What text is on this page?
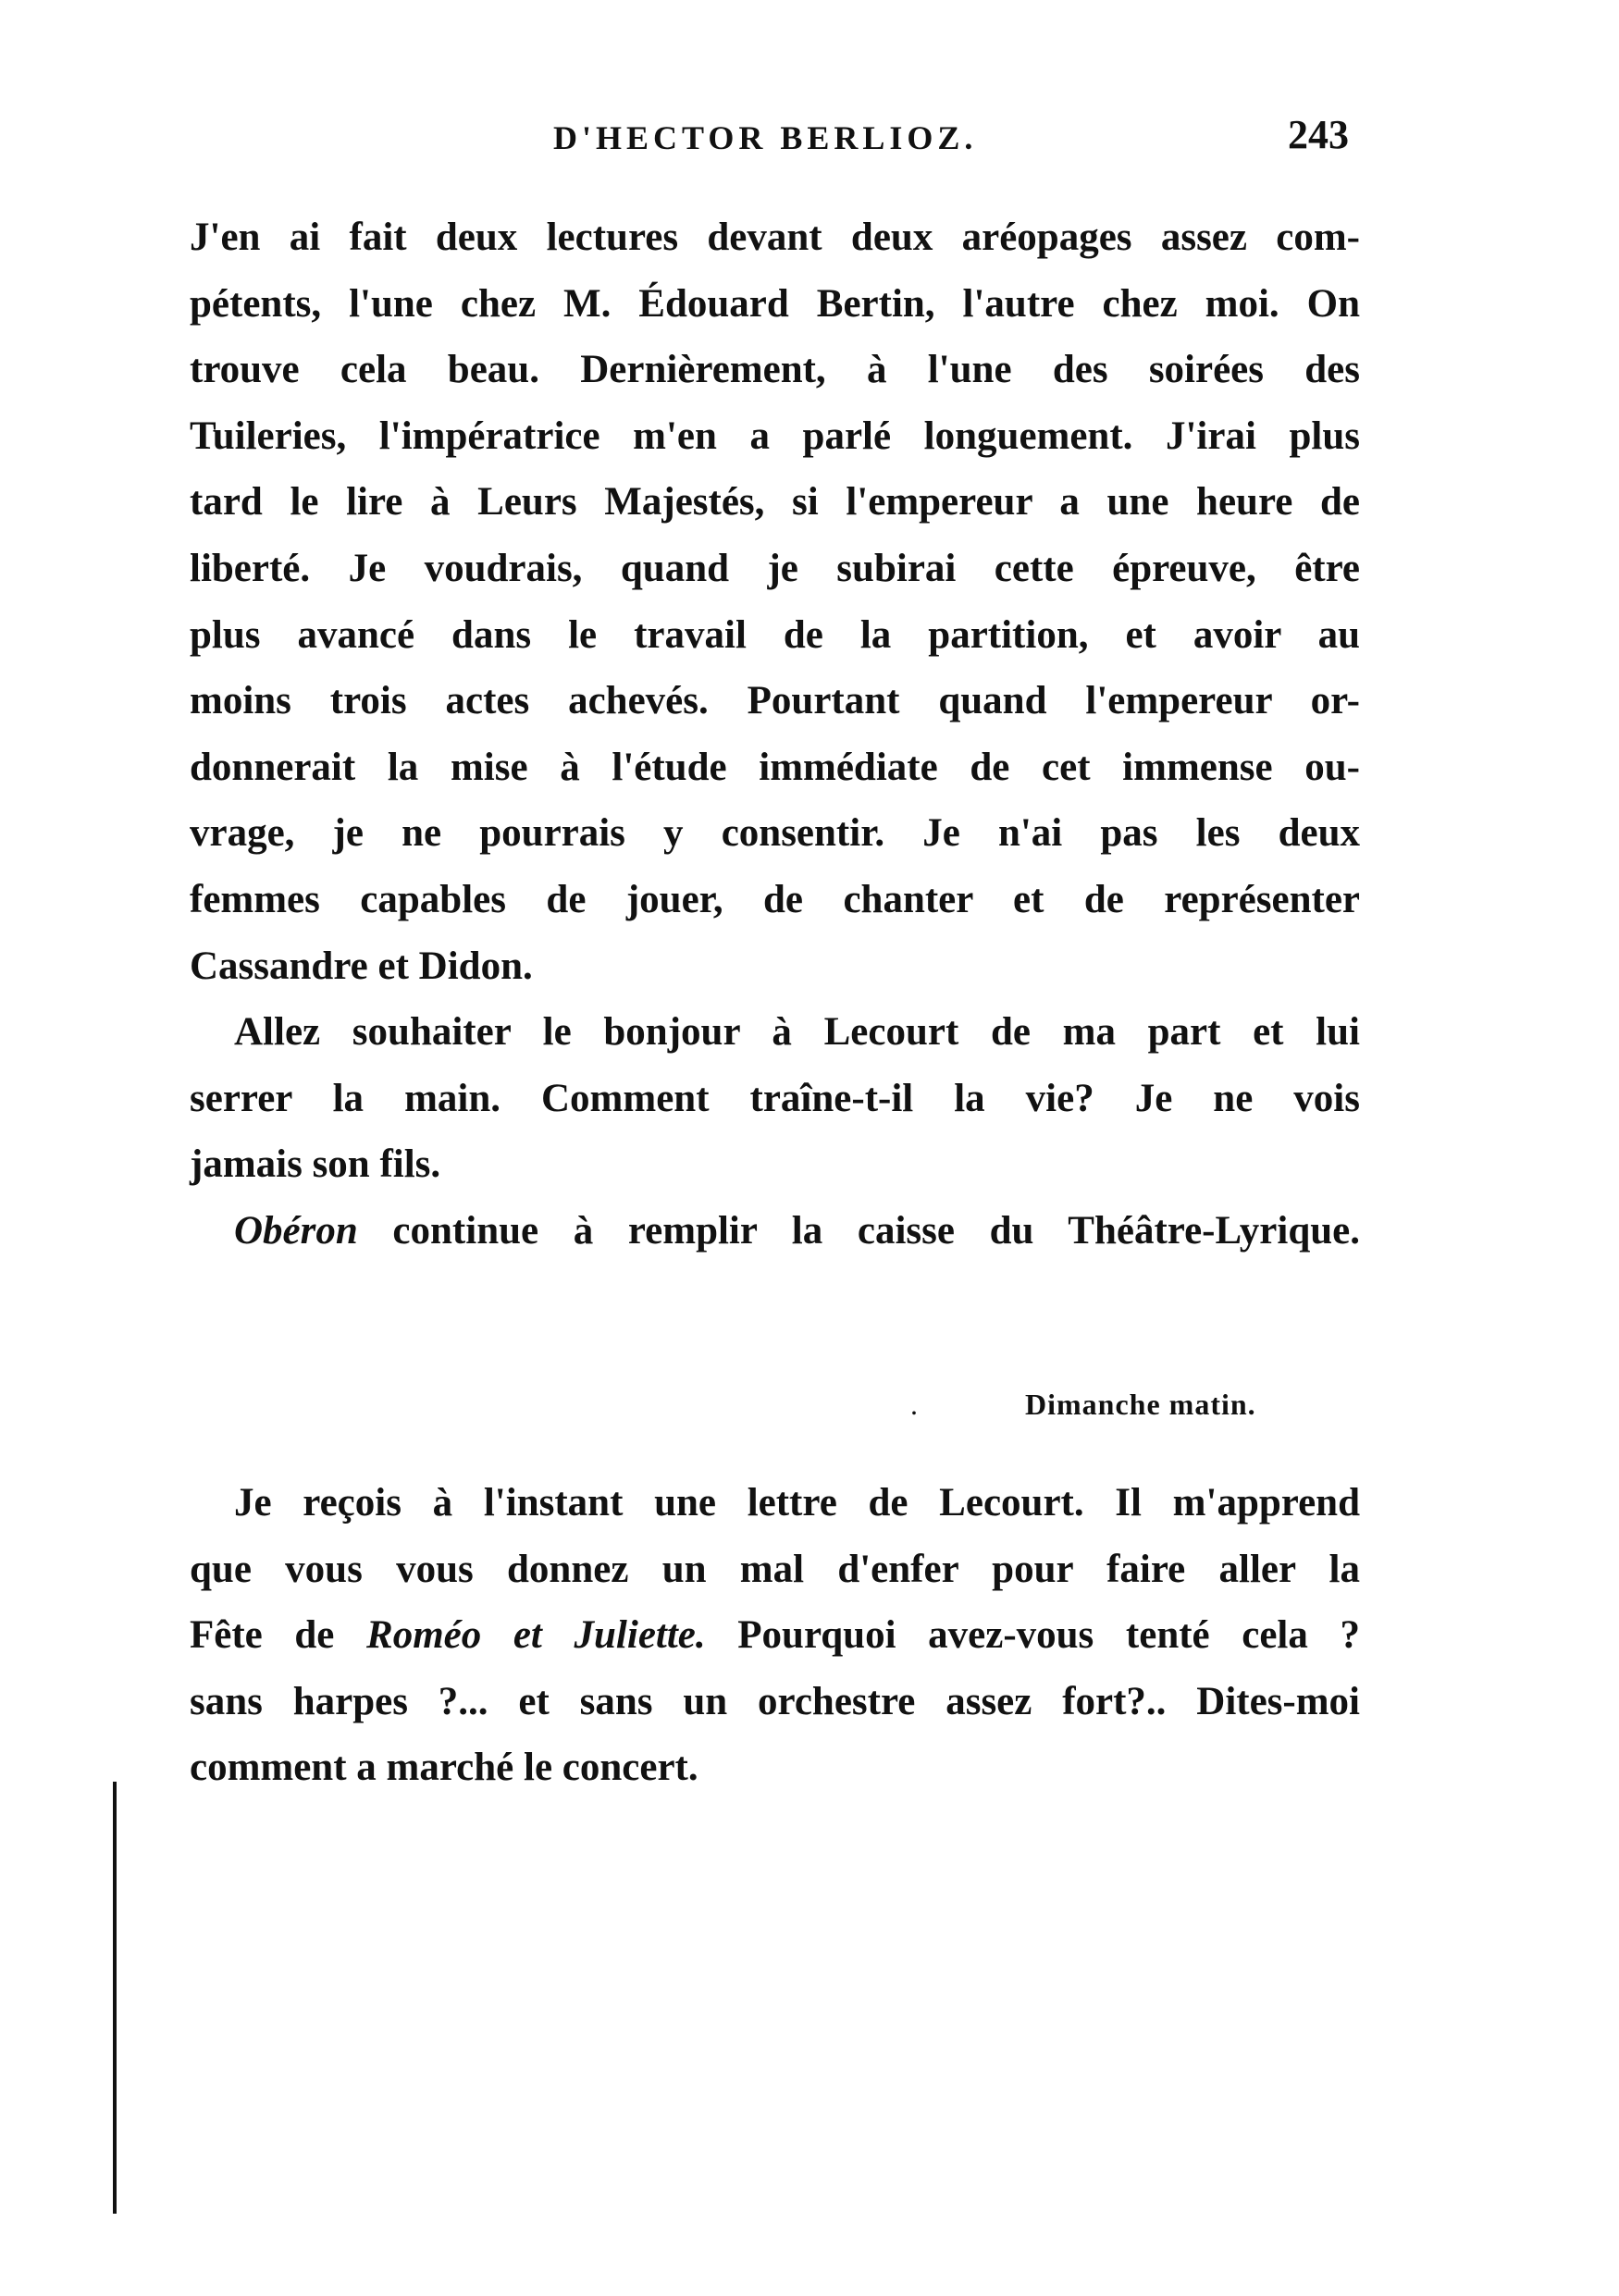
D'HECTOR BERLIOZ.	243
J'en ai fait deux lectures devant deux aréopages assez com-
pétents, l'une chez M. Édouard Bertin, l'autre chez moi. On
trouve cela beau. Dernièrement, à l'une des soirées des
Tuileries, l'impératrice m'en a parlé longuement. J'irai plus
tard le lire à Leurs Majestés, si l'empereur a une heure de
liberté. Je voudrais, quand je subirai cette épreuve, être
plus avancé dans le travail de la partition, et avoir au
moins trois actes achevés. Pourtant quand l'empereur or-
donnerait la mise à l'étude immédiate de cet immense ou-
vrage, je ne pourrais y consentir. Je n'ai pas les deux
femmes capables de jouer, de chanter et de représenter
Cassandre et Didon.
Allez souhaiter le bonjour à Lecourt de ma part et lui
serrer la main. Comment traîne-t-il la vie? Je ne vois
jamais son fils.
Obéron continue à remplir la caisse du Théâtre-Lyrique.
.	Dimanche matin.
Je reçois à l'instant une lettre de Lecourt. Il m'apprend
que vous vous donnez un mal d'enfer pour faire aller la
Fête de Roméo et Juliette. Pourquoi avez-vous tenté cela ?
sans harpes ?... et sans un orchestre assez fort?.. Dites-moi
comment a marché le concert.
